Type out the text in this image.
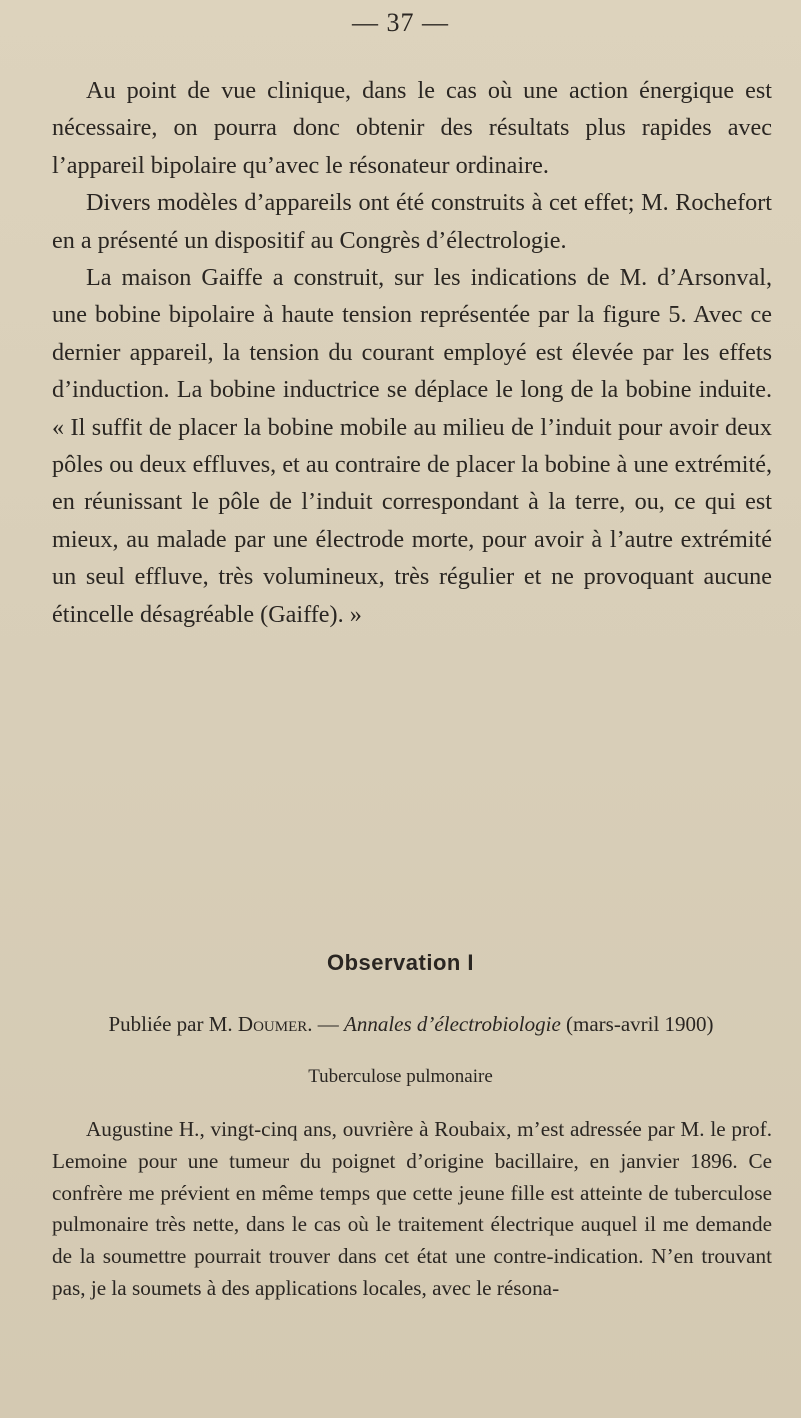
— 37 —

Au point de vue clinique, dans le cas où une action énergique est nécessaire, on pourra donc obtenir des résultats plus rapides avec l’appareil bipolaire qu’avec le résonateur ordinaire.

Divers modèles d’appareils ont été construits à cet effet; M. Rochefort en a présenté un dispositif au Congrès d’électrologie.

La maison Gaiffe a construit, sur les indications de M. d’Arsonval, une bobine bipolaire à haute tension représentée par la figure 5. Avec ce dernier appareil, la tension du courant employé est élevée par les effets d’induction. La bobine inductrice se déplace le long de la bobine induite. « Il suffit de placer la bobine mobile au milieu de l’induit pour avoir deux pôles ou deux effluves, et au contraire de placer la bobine à une extrémité, en réunissant le pôle de l’induit correspondant à la terre, ou, ce qui est mieux, au malade par une électrode morte, pour avoir à l’autre extrémité un seul effluve, très volumineux, très régulier et ne provoquant aucune étincelle désagréable (Gaiffe). »

Observation I
Publiée par M. Doumer. — Annales d’électrobiologie (mars-avril 1900)
Tuberculose pulmonaire

Augustine H., vingt-cinq ans, ouvrière à Roubaix, m’est adressée par M. le prof. Lemoine pour une tumeur du poignet d’origine bacillaire, en janvier 1896. Ce confrère me prévient en même temps que cette jeune fille est atteinte de tuberculose pulmonaire très nette, dans le cas où le traitement électrique auquel il me demande de la soumettre pourrait trouver dans cet état une contre-indication. N’en trouvant pas, je la soumets à des applications locales, avec le résona-
